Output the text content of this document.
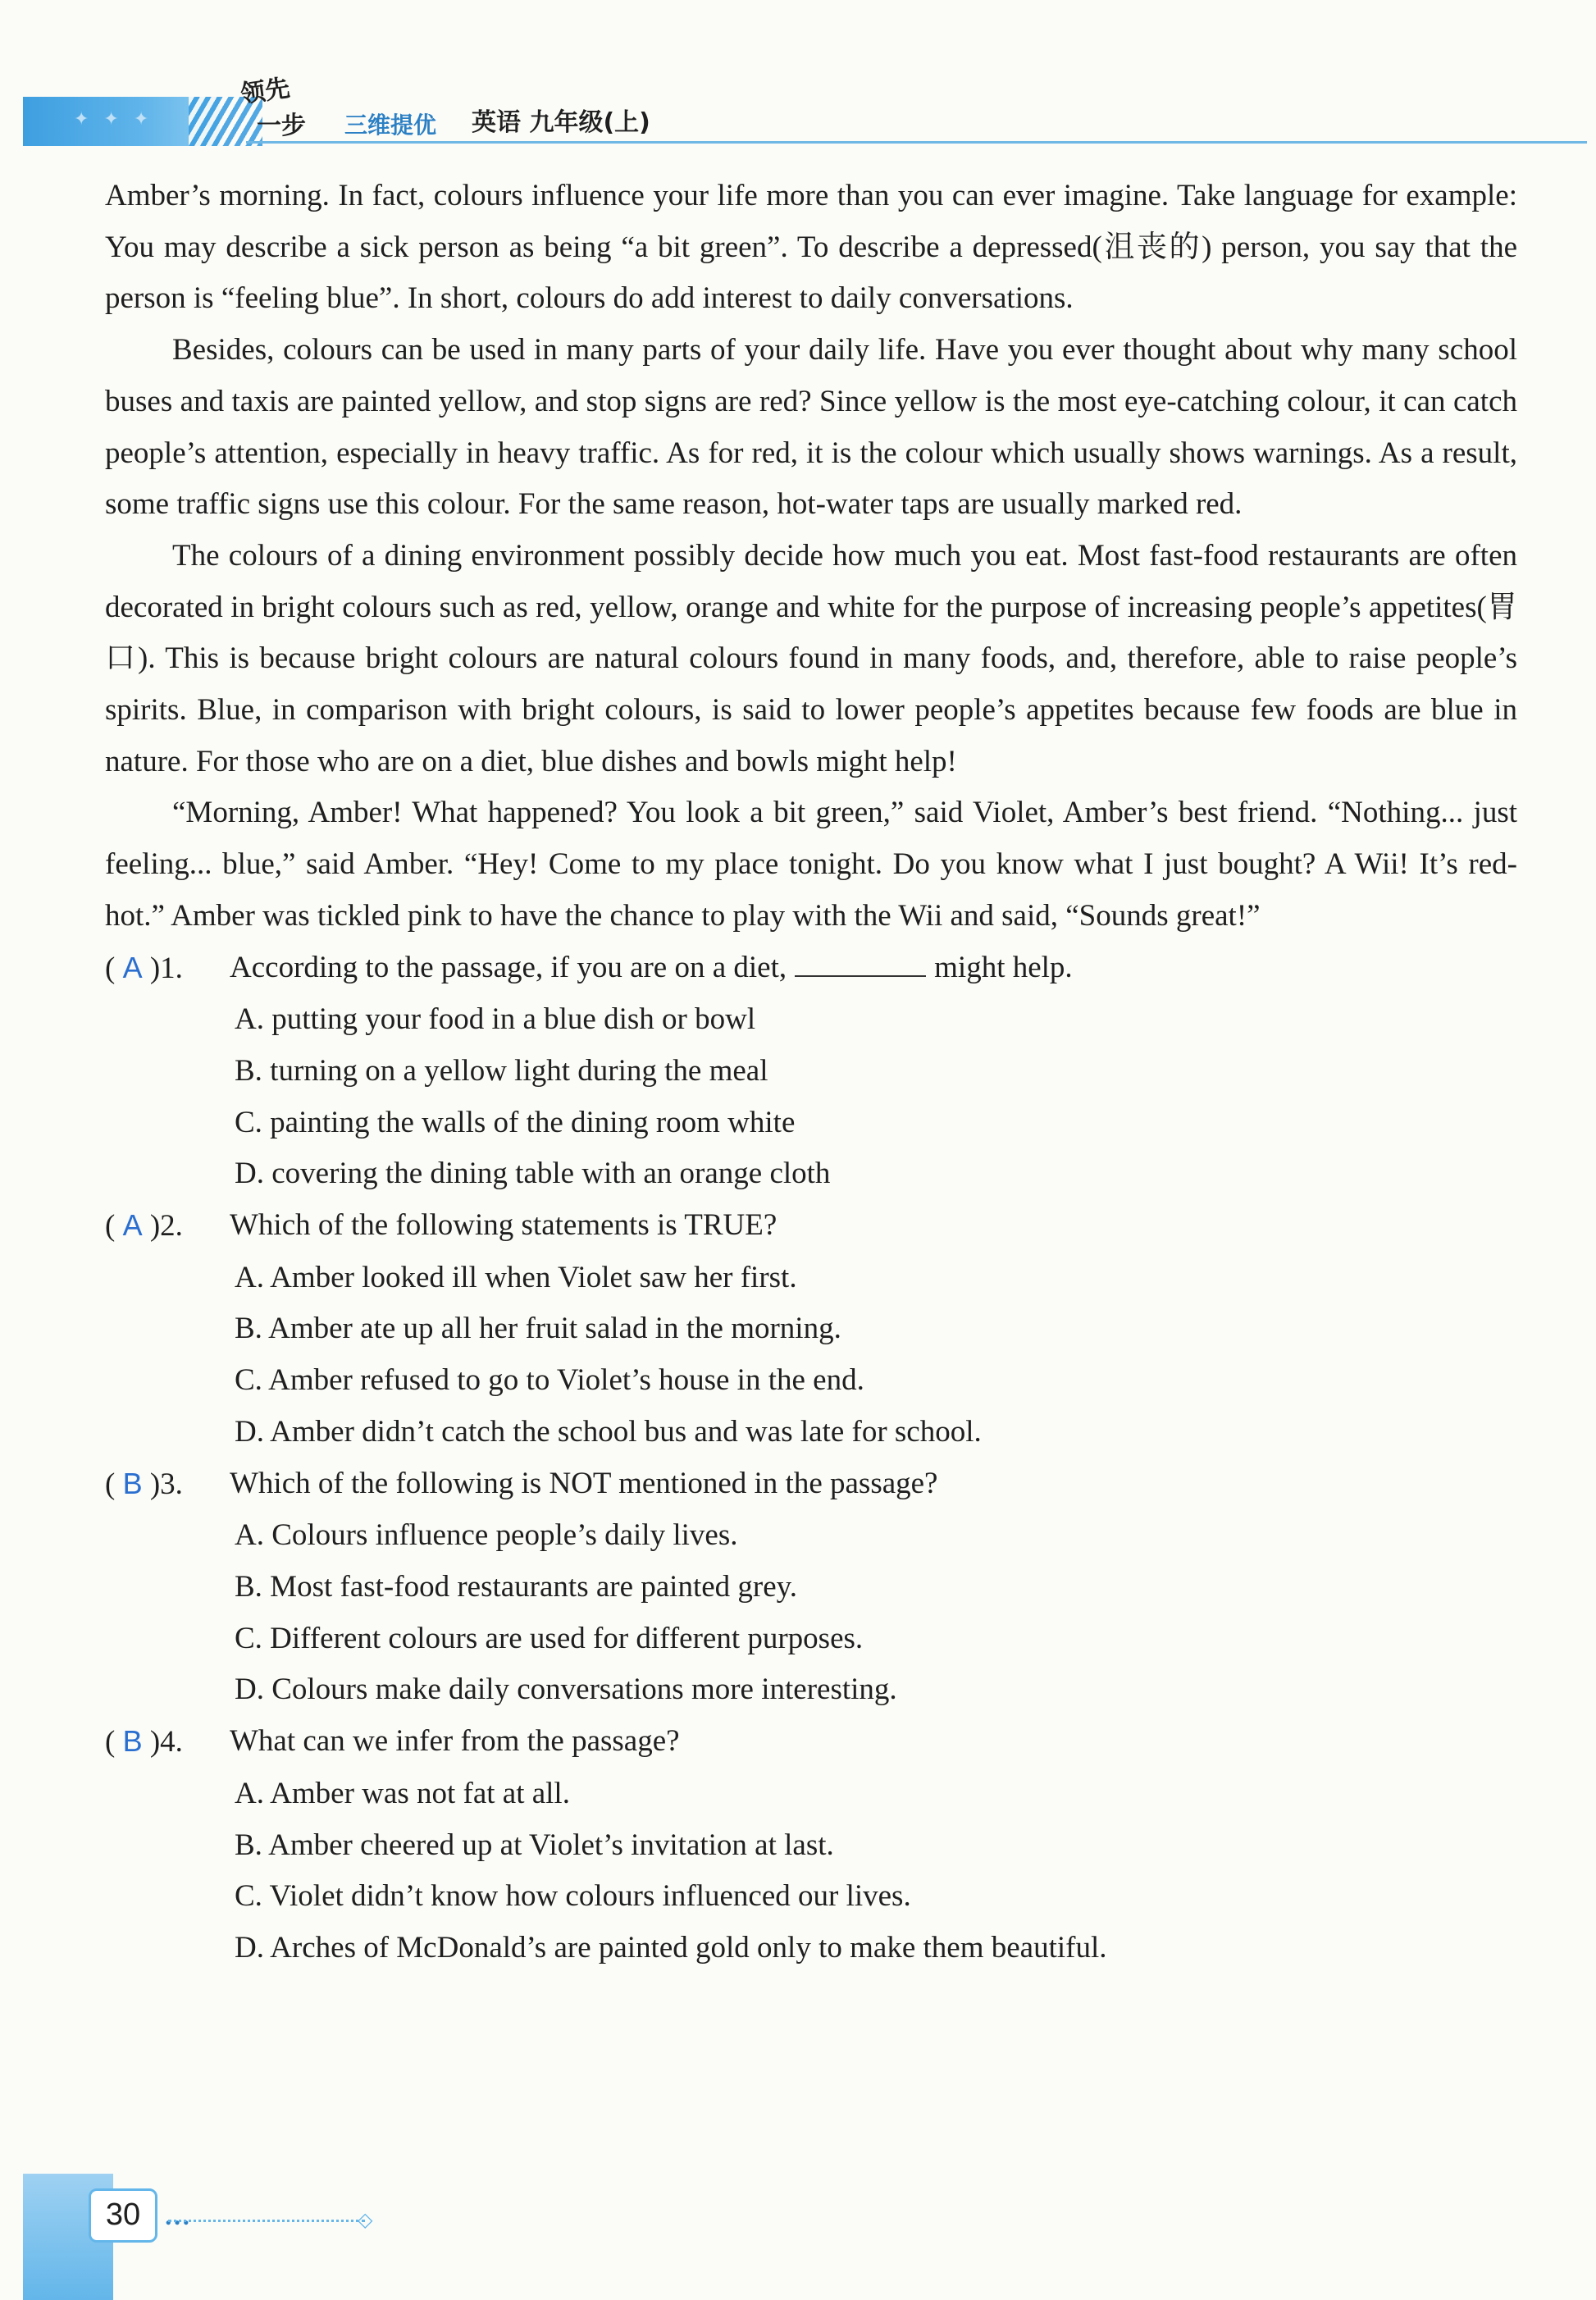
✦✦✦
领先
一步 三维提优 英语 九年级(上)

Amber’s morning. In fact, colours influence your life more than you can ever imagine. Take language for example: You may describe a sick person as being “a bit green”. To describe a depressed(沮丧的) person, you say that the person is “feeling blue”. In short, colours do add interest to daily conversations.

Besides, colours can be used in many parts of your daily life. Have you ever thought about why many school buses and taxis are painted yellow, and stop signs are red? Since yellow is the most eye-catching colour, it can catch people’s attention, especially in heavy traffic. As for red, it is the colour which usually shows warnings. As a result, some traffic signs use this colour. For the same reason, hot-water taps are usually marked red.

The colours of a dining environment possibly decide how much you eat. Most fast-food restaurants are often decorated in bright colours such as red, yellow, orange and white for the purpose of increasing people’s appetites(胃口). This is because bright colours are natural colours found in many foods, and, therefore, able to raise people’s spirits. Blue, in comparison with bright colours, is said to lower people’s appetites because few foods are blue in nature. For those who are on a diet, blue dishes and bowls might help!

“Morning, Amber! What happened? You look a bit green,” said Violet, Amber’s best friend. “Nothing... just feeling... blue,” said Amber. “Hey! Come to my place tonight. Do you know what I just bought? A Wii! It’s red-hot.” Amber was tickled pink to have the chance to play with the Wii and said, “Sounds great!”

( A )1.	According to the passage, if you are on a diet,	might help.
A. putting your food in a blue dish or bowl
B. turning on a yellow light during the meal
C. painting the walls of the dining room white
D. covering the dining table with an orange cloth
( A )2.	Which of the following statements is TRUE?
A. Amber looked ill when Violet saw her first.
B. Amber ate up all her fruit salad in the morning.
C. Amber refused to go to Violet’s house in the end.
D. Amber didn’t catch the school bus and was late for school.
( B )3.	Which of the following is NOT mentioned in the passage?
A. Colours influence people’s daily lives.
B. Most fast-food restaurants are painted grey.
C. Different colours are used for different purposes.
D. Colours make daily conversations more interesting.
( B )4.	What can we infer from the passage?
A. Amber was not fat at all.
B. Amber cheered up at Violet’s invitation at last.
C. Violet didn’t know how colours influenced our lives.
D. Arches of McDonald’s are painted gold only to make them beautiful.
30 …	◇
